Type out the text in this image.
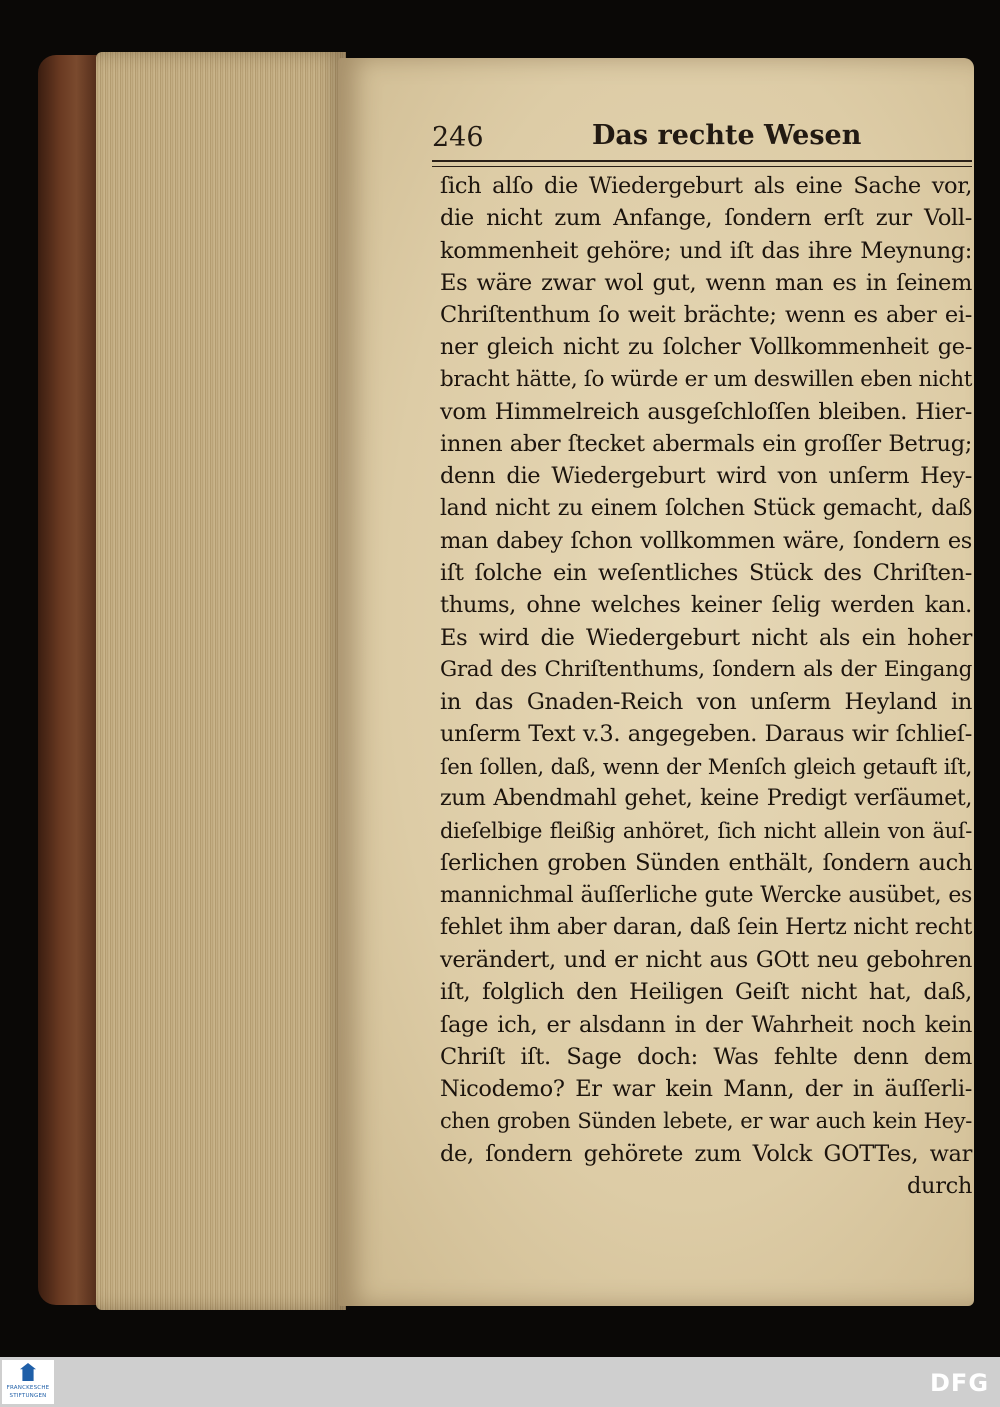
246	Das rechte Wesen
ſich alſo die Wiedergeburt als eine Sache vor,
die nicht zum Anfange, ſondern erſt zur Voll-
kommenheit gehöre; und iſt das ihre Meynung:
Es wäre zwar wol gut, wenn man es in ſeinem
Chriſtenthum ſo weit brächte; wenn es aber ei-
ner gleich nicht zu ſolcher Vollkommenheit ge-
bracht hätte, ſo würde er um deswillen eben nicht
vom Himmelreich ausgeſchloſſen bleiben. Hier-
innen aber ſtecket abermals ein groſſer Betrug;
denn die Wiedergeburt wird von unſerm Hey-
land nicht zu einem ſolchen Stück gemacht, daß
man dabey ſchon vollkommen wäre, ſondern es
iſt ſolche ein weſentliches Stück des Chriſten-
thums, ohne welches keiner ſelig werden kan.
Es wird die Wiedergeburt nicht als ein hoher
Grad des Chriſtenthums, ſondern als der Eingang
in das Gnaden-Reich von unſerm Heyland in
unſerm Text v.3. angegeben. Daraus wir ſchlieſ-
ſen ſollen, daß, wenn der Menſch gleich getauft iſt,
zum Abendmahl gehet, keine Predigt verſäumet,
dieſelbige fleißig anhöret, ſich nicht allein von äuſ-
ſerlichen groben Sünden enthält, ſondern auch
mannichmal äuſſerliche gute Wercke ausübet, es
fehlet ihm aber daran, daß ſein Hertz nicht recht
verändert, und er nicht aus GOtt neu gebohren
iſt, folglich den Heiligen Geiſt nicht hat, daß,
ſage ich, er alsdann in der Wahrheit noch kein
Chriſt iſt. Sage doch: Was fehlte denn dem
Nicodemo? Er war kein Mann, der in äuſſerli-
chen groben Sünden lebete, er war auch kein Hey-
de, ſondern gehörete zum Volck GOTTes, war
durch
FRANCKESCHE
STIFTUNGEN	DFG
